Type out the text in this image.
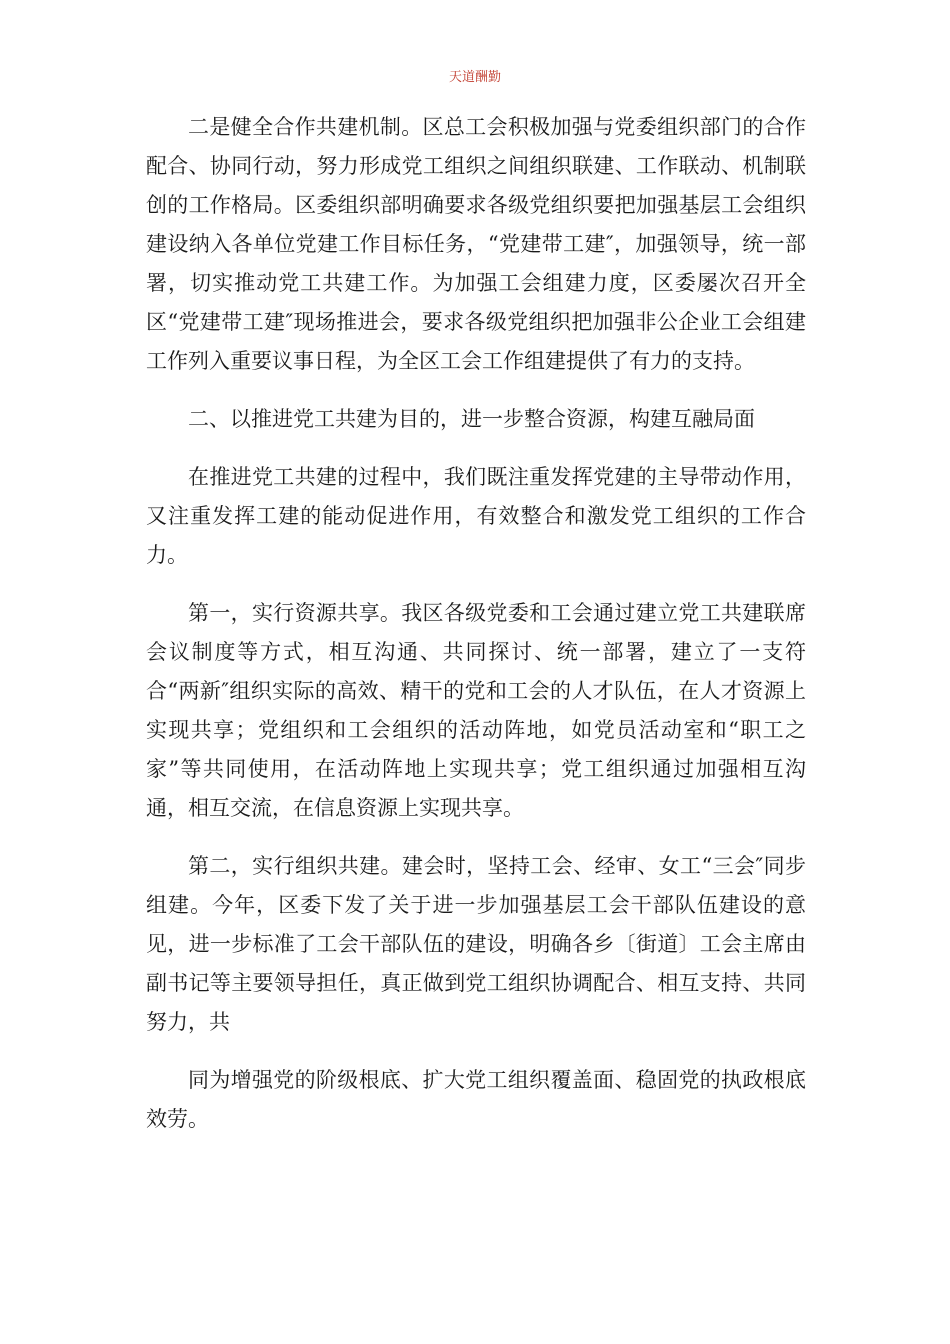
天道酬勤

二是健全合作共建机制。区总工会积极加强与党委组织部门的合作配合、协同行动，努力形成党工组织之间组织联建、工作联动、机制联创的工作格局。区委组织部明确要求各级党组织要把加强基层工会组织建设纳入各单位党建工作目标任务，“党建带工建″，加强领导，统一部署，切实推动党工共建工作。为加强工会组建力度，区委屡次召开全区“党建带工建″现场推进会，要求各级党组织把加强非公企业工会组建工作列入重要议事日程，为全区工会工作组建提供了有力的支持。

二、以推进党工共建为目的，进一步整合资源，构建互融局面

在推进党工共建的过程中，我们既注重发挥党建的主导带动作用，又注重发挥工建的能动促进作用，有效整合和激发党工组织的工作合力。

第一，实行资源共享。我区各级党委和工会通过建立党工共建联席会议制度等方式，相互沟通、共同探讨、统一部署，建立了一支符合“两新″组织实际的高效、精干的党和工会的人才队伍，在人才资源上实现共享；党组织和工会组织的活动阵地，如党员活动室和“职工之家”等共同使用，在活动阵地上实现共享；党工组织通过加强相互沟通，相互交流，在信息资源上实现共享。

第二，实行组织共建。建会时，坚持工会、经审、女工“三会″同步组建。今年，区委下发了关于进一步加强基层工会干部队伍建设的意见，进一步标准了工会干部队伍的建设，明确各乡〔街道〕工会主席由副书记等主要领导担任，真正做到党工组织协调配合、相互支持、共同努力，共

同为增强党的阶级根底、扩大党工组织覆盖面、稳固党的执政根底效劳。
